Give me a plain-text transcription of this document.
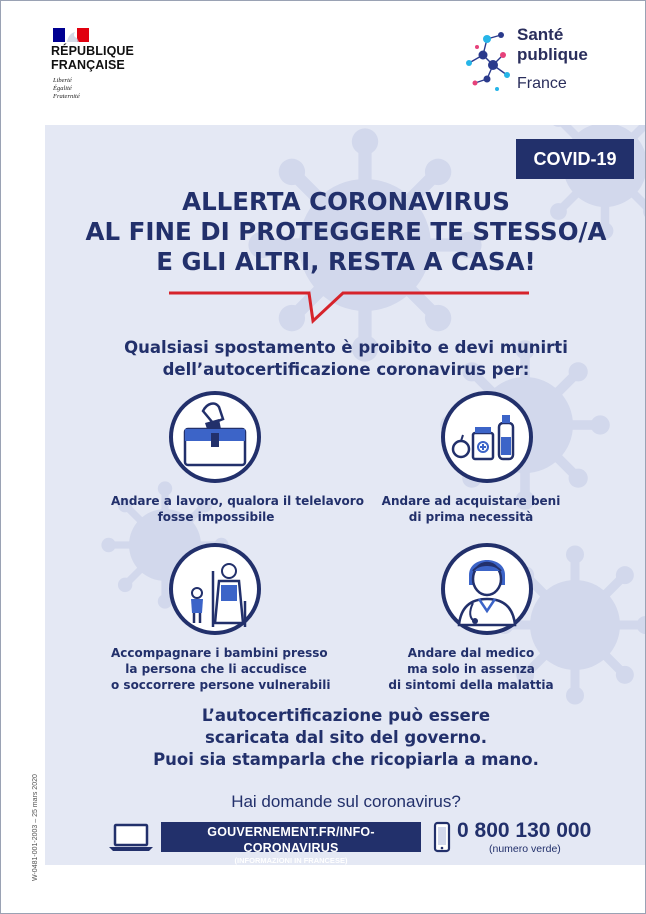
RÉPUBLIQUE
FRANÇAISE
Liberté
Égalité
Fraternité
Santé
publique
France
COVID-19
ALLERTA CORONAVIRUS
AL FINE DI PROTEGGERE TE STESSO/A
E GLI ALTRI, RESTA A CASA!
Qualsiasi spostamento è proibito e devi munirti
dell’autocertificazione coronavirus per:
Andare a lavoro, qualora il telelavoro
fosse impossibile
Andare ad acquistare beni
di prima necessità
Accompagnare i bambini presso
la persona che li accudisce
o soccorrere persone vulnerabili
Andare dal medico
ma solo in assenza
di sintomi della malattia
L’autocertificazione può essere
scaricata dal sito del governo.
Puoi sia stamparla che ricopiarla a mano.
Hai domande sul coronavirus?
GOUVERNEMENT.FR/INFO-CORONAVIRUS
(INFORMAZIONI IN FRANCESE)
0 800 130 000
(numero verde)
W-0481-001-2003 – 25 mars 2020
